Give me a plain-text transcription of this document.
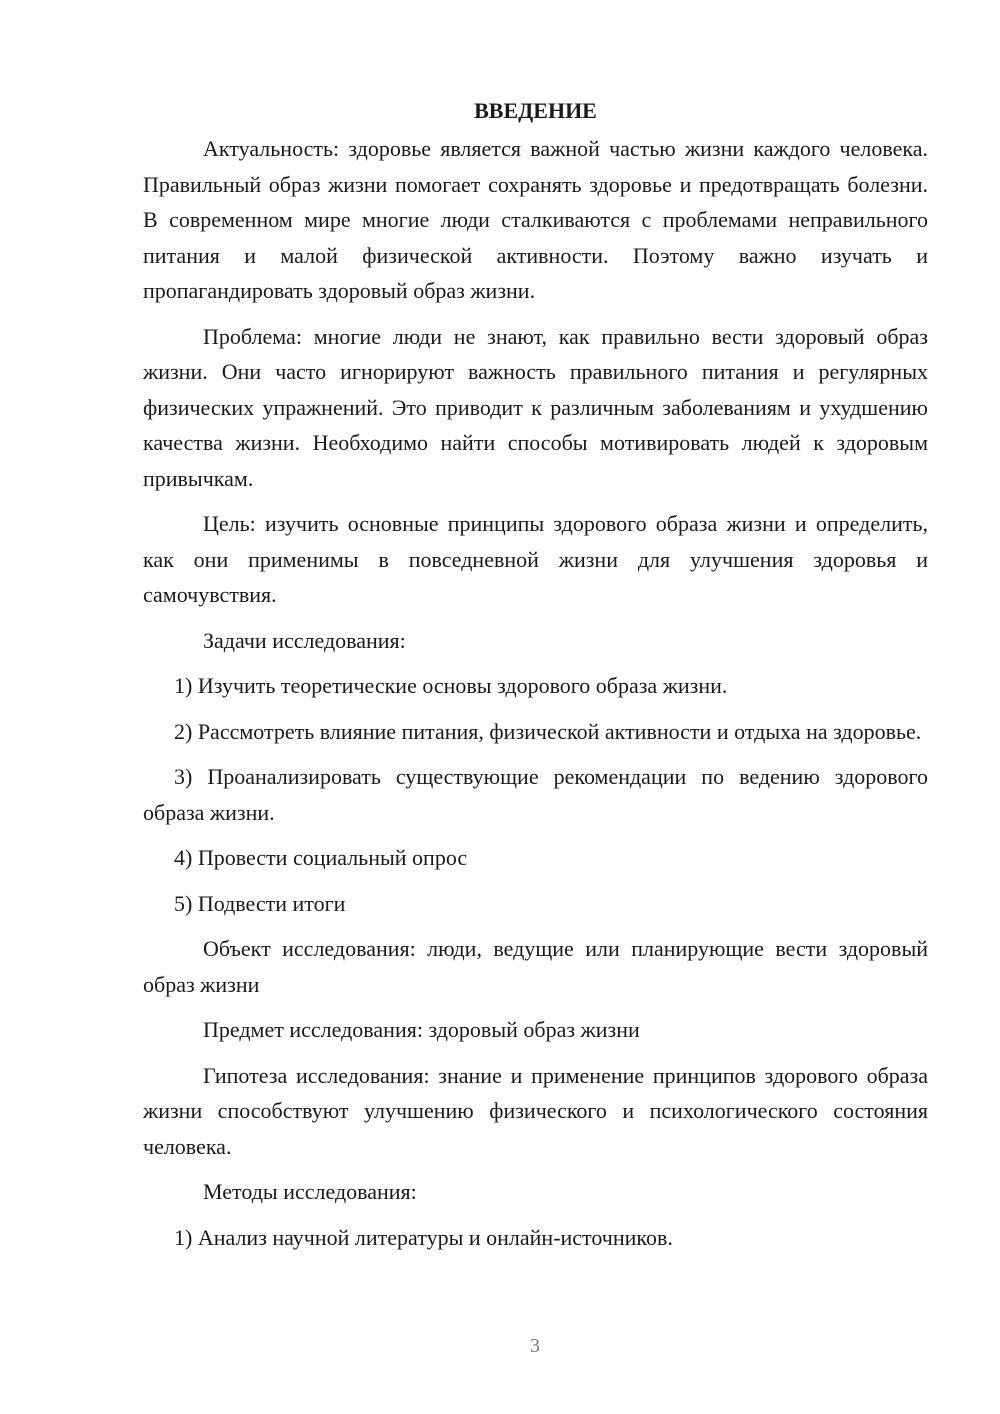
ВВЕДЕНИЕ

Актуальность: здоровье является важной частью жизни каждого человека. Правильный образ жизни помогает сохранять здоровье и предотвращать болезни. В современном мире многие люди сталкиваются с проблемами неправильного питания и малой физической активности. Поэтому важно изучать и пропагандировать здоровый образ жизни.

Проблема: многие люди не знают, как правильно вести здоровый образ жизни. Они часто игнорируют важность правильного питания и регулярных физических упражнений. Это приводит к различным заболеваниям и ухудшению качества жизни. Необходимо найти способы мотивировать людей к здоровым привычкам.

Цель: изучить основные принципы здорового образа жизни и определить, как они применимы в повседневной жизни для улучшения здоровья и самочувствия.

Задачи исследования:

1) Изучить теоретические основы здорового образа жизни.

2) Рассмотреть влияние питания, физической активности и отдыха на здоровье.

3) Проанализировать существующие рекомендации по ведению здорового образа жизни.

4) Провести социальный опрос

5) Подвести итоги

Объект исследования: люди, ведущие или планирующие вести здоровый образ жизни

Предмет исследования: здоровый образ жизни

Гипотеза исследования: знание и применение принципов здорового образа жизни способствуют улучшению физического и психологического состояния человека.

Методы исследования:

1) Анализ научной литературы и онлайн-источников.

3
